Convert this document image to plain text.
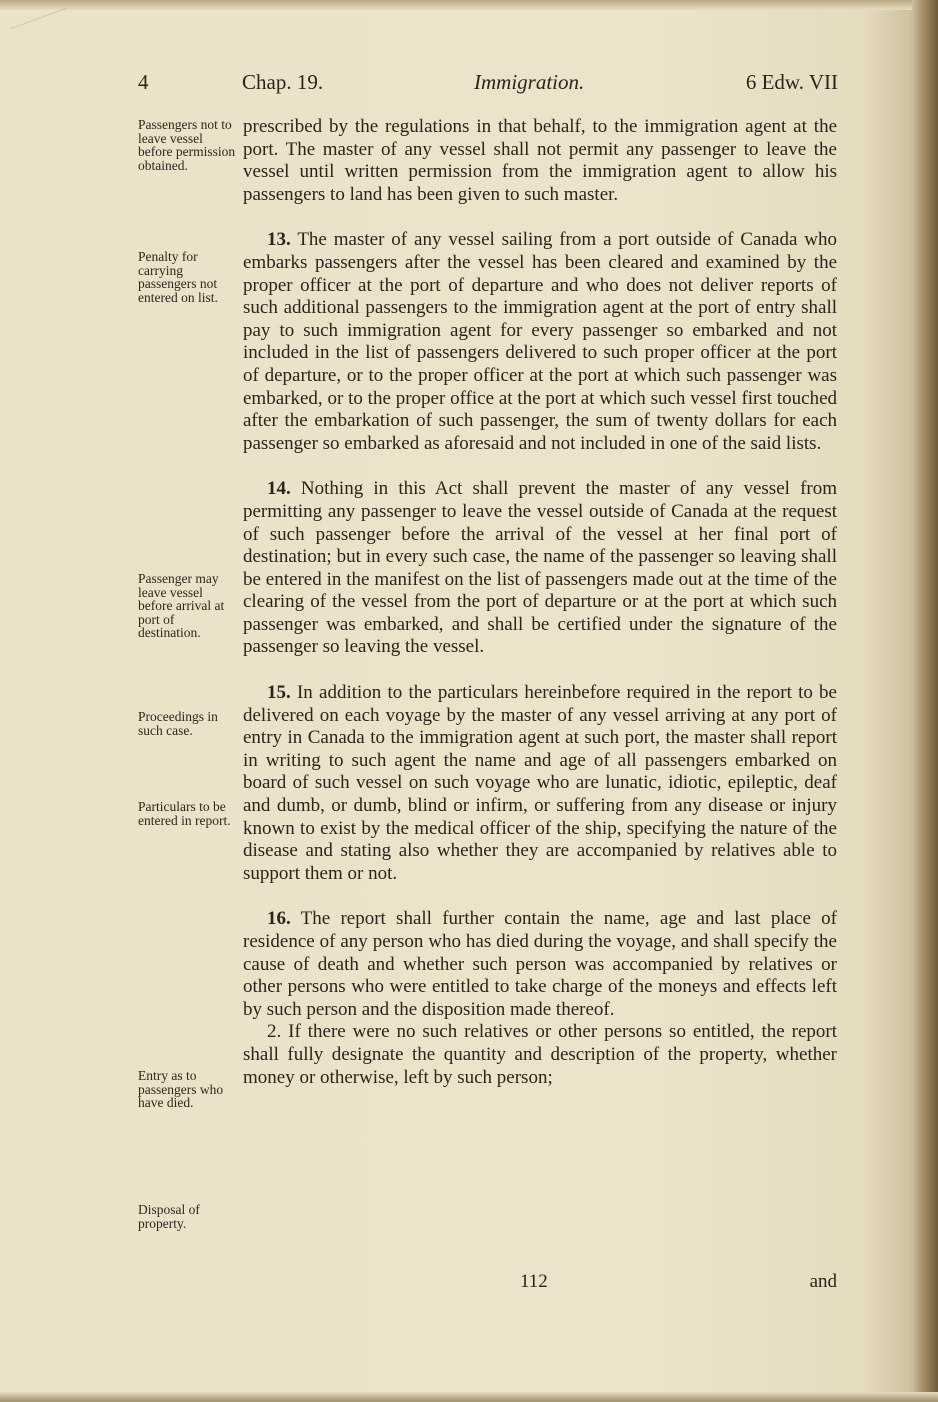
4	Chap. 19.	Immigration.	6 Edw. VII
Passengers not to leave vessel before permission obtained.
Penalty for carrying passengers not entered on list.
Passenger may leave vessel before arrival at port of destination.
Proceedings in such case.
Particulars to be entered in report.
Entry as to passengers who have died.
Disposal of property.

prescribed by the regulations in that behalf, to the immigration agent at the port. The master of any vessel shall not permit any passenger to leave the vessel until written permission from the immigration agent to allow his passengers to land has been given to such master.

13. The master of any vessel sailing from a port outside of Canada who embarks passengers after the vessel has been cleared and examined by the proper officer at the port of departure and who does not deliver reports of such additional passengers to the immigration agent at the port of entry shall pay to such immigration agent for every passenger so embarked and not included in the list of passengers delivered to such proper officer at the port of departure, or to the proper officer at the port at which such passenger was embarked, or to the proper office at the port at which such vessel first touched after the embarkation of such passenger, the sum of twenty dollars for each passenger so embarked as aforesaid and not included in one of the said lists.

14. Nothing in this Act shall prevent the master of any vessel from permitting any passenger to leave the vessel outside of Canada at the request of such passenger before the arrival of the vessel at her final port of destination; but in every such case, the name of the passenger so leaving shall be entered in the manifest on the list of passengers made out at the time of the clearing of the vessel from the port of departure or at the port at which such passenger was embarked, and shall be certified under the signature of the passenger so leaving the vessel.

15. In addition to the particulars hereinbefore required in the report to be delivered on each voyage by the master of any vessel arriving at any port of entry in Canada to the immigration agent at such port, the master shall report in writing to such agent the name and age of all passengers embarked on board of such vessel on such voyage who are lunatic, idiotic, epileptic, deaf and dumb, or dumb, blind or infirm, or suffering from any disease or injury known to exist by the medical officer of the ship, specifying the nature of the disease and stating also whether they are accompanied by relatives able to support them or not.

16. The report shall further contain the name, age and last place of residence of any person who has died during the voyage, and shall specify the cause of death and whether such person was accompanied by relatives or other persons who were entitled to take charge of the moneys and effects left by such person and the disposition made thereof.

2. If there were no such relatives or other persons so entitled, the report shall fully designate the quantity and description of the property, whether money or otherwise, left by such person;

112	and
